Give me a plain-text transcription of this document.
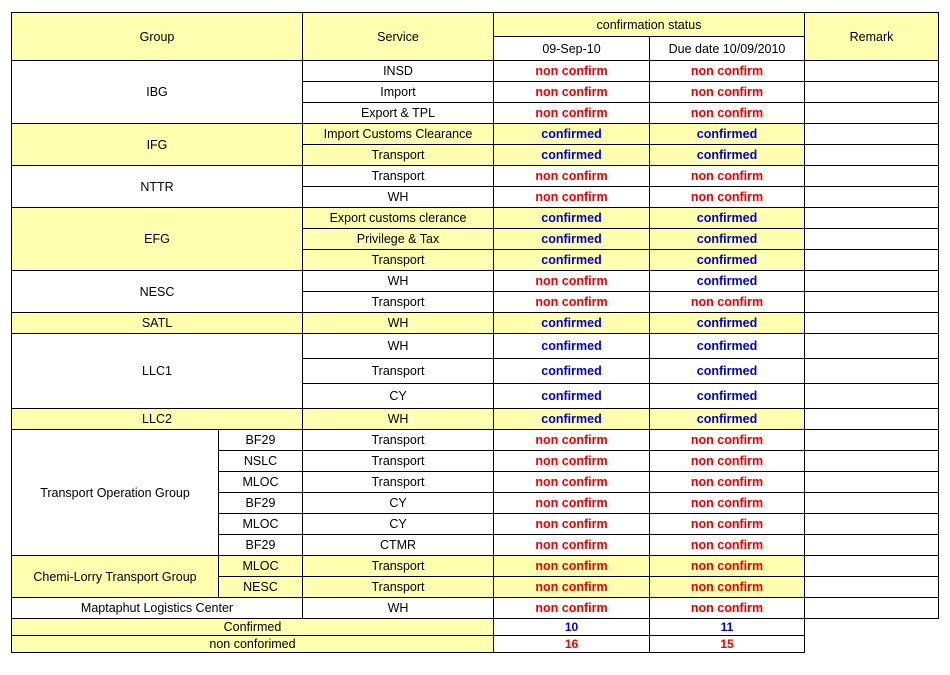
Group		Service	confirmation status		Remark
			09-Sep-10	Due date 10/09/2010	
IBG		INSD	non confirm	non confirm	
		Import	non confirm	non confirm	
		Export & TPL	non confirm	non confirm	
IFG		Import Customs Clearance	confirmed	confirmed	
		Transport	confirmed	confirmed	
NTTR		Transport	non confirm	non confirm	
		WH	non confirm	non confirm	
EFG		Export customs clerance	confirmed	confirmed	
		Privilege & Tax	confirmed	confirmed	
		Transport	confirmed	confirmed	
NESC		WH	non confirm	confirmed	
		Transport	non confirm	non confirm	
SATL		WH	confirmed	confirmed	
LLC1		WH	confirmed	confirmed	
		Transport	confirmed	confirmed	
		CY	confirmed	confirmed	
LLC2		WH	confirmed	confirmed	
Transport Operation Group	BF29	Transport	non confirm	non confirm	
	NSLC	Transport	non confirm	non confirm	
	MLOC	Transport	non confirm	non confirm	
	BF29	CY	non confirm	non confirm	
	MLOC	CY	non confirm	non confirm	
	BF29	CTMR	non confirm	non confirm	
Chemi-Lorry Transport Group	MLOC	Transport	non confirm	non confirm	
	NESC	Transport	non confirm	non confirm	
Maptaphut Logistics Center		WH	non confirm	non confirm	
Confirmed			10	11	
non conforimed			16	15	
